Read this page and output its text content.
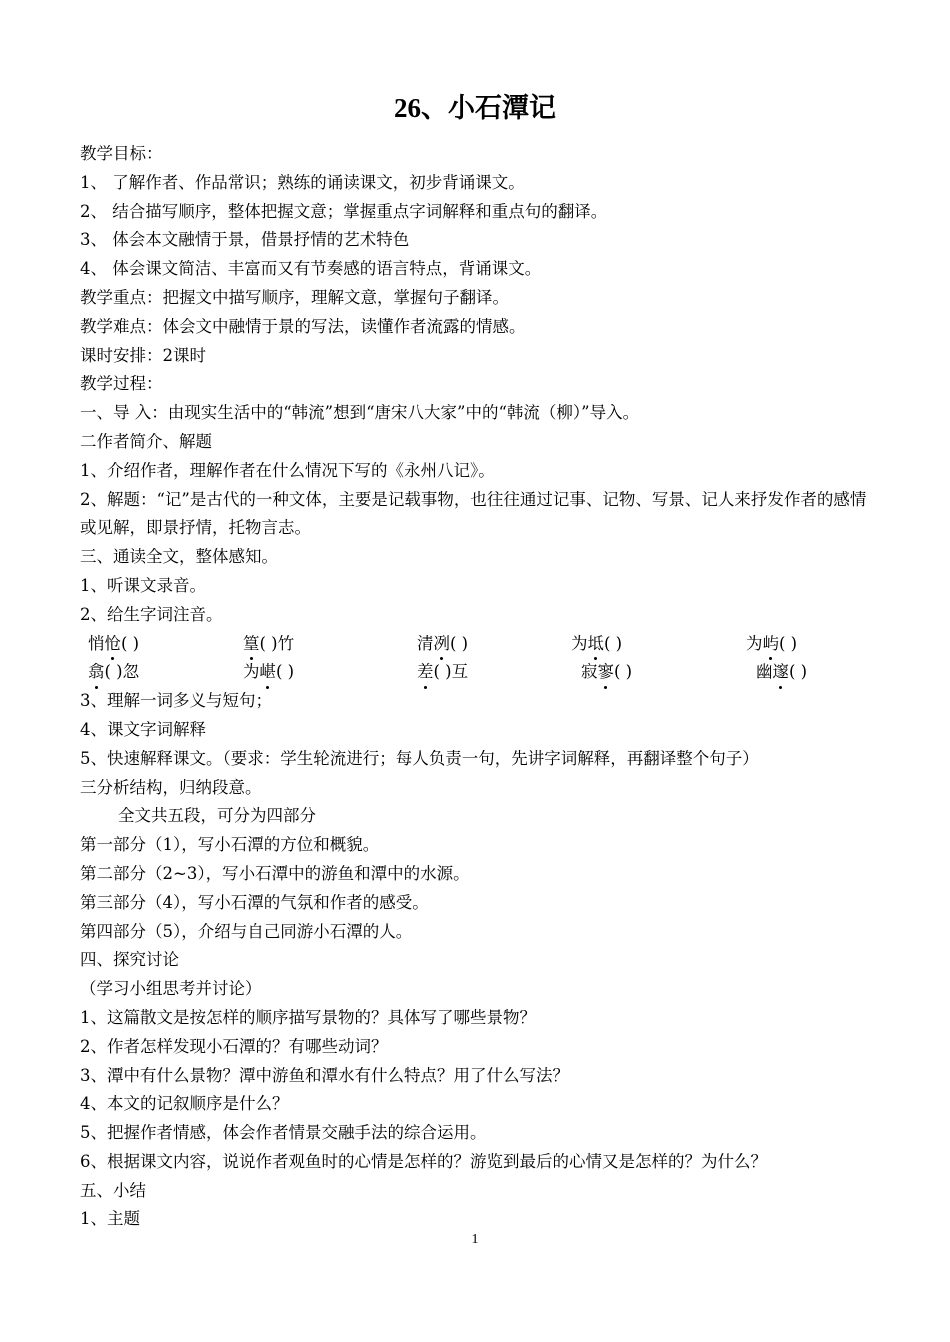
26、小石潭记
教学目标：
1、 了解作者、作品常识；熟练的诵读课文，初步背诵课文。
2、 结合描写顺序，整体把握文意；掌握重点字词解释和重点句的翻译。
3、 体会本文融情于景，借景抒情的艺术特色
4、 体会课文简洁、丰富而又有节奏感的语言特点，背诵课文。
教学重点：把握文中描写顺序，理解文意，掌握句子翻译。
教学难点：体会文中融情于景的写法，读懂作者流露的情感。
课时安排：2课时
教学过程：
一、导 入：由现实生活中的“韩流”想到“唐宋八大家”中的“韩流（柳）”导入。
二作者简介、解题
1、介绍作者，理解作者在什么情况下写的《永州八记》。
2、解题：“记”是古代的一种文体，主要是记载事物，也往往通过记事、记物、写景、记人来抒发作者的感情或见解，即景抒情，托物言志。
三、通读全文，整体感知。
1、听课文录音。
2、给生字词注音。
悄怆( )	篁( )竹	清冽( )	为坻( )	为屿( )
翕( )忽	为嵁( )	差( )互	寂寥( )	幽邃( )
3、理解一词多义与短句；
4、课文字词解释
5、快速解释课文。（要求：学生轮流进行；每人负责一句，先讲字词解释，再翻译整个句子）
三分析结构，归纳段意。
全文共五段，可分为四部分
第一部分（1），写小石潭的方位和概貌。
第二部分（2~3），写小石潭中的游鱼和潭中的水源。
第三部分（4），写小石潭的气氛和作者的感受。
第四部分（5），介绍与自己同游小石潭的人。
四、探究讨论
（学习小组思考并讨论）
1、这篇散文是按怎样的顺序描写景物的？具体写了哪些景物？
2、作者怎样发现小石潭的？有哪些动词？
3、潭中有什么景物？潭中游鱼和潭水有什么特点？用了什么写法？
4、本文的记叙顺序是什么？
5、把握作者情感，体会作者情景交融手法的综合运用。
6、根据课文内容，说说作者观鱼时的心情是怎样的？游览到最后的心情又是怎样的？为什么？
五、小结
1、主题
1
